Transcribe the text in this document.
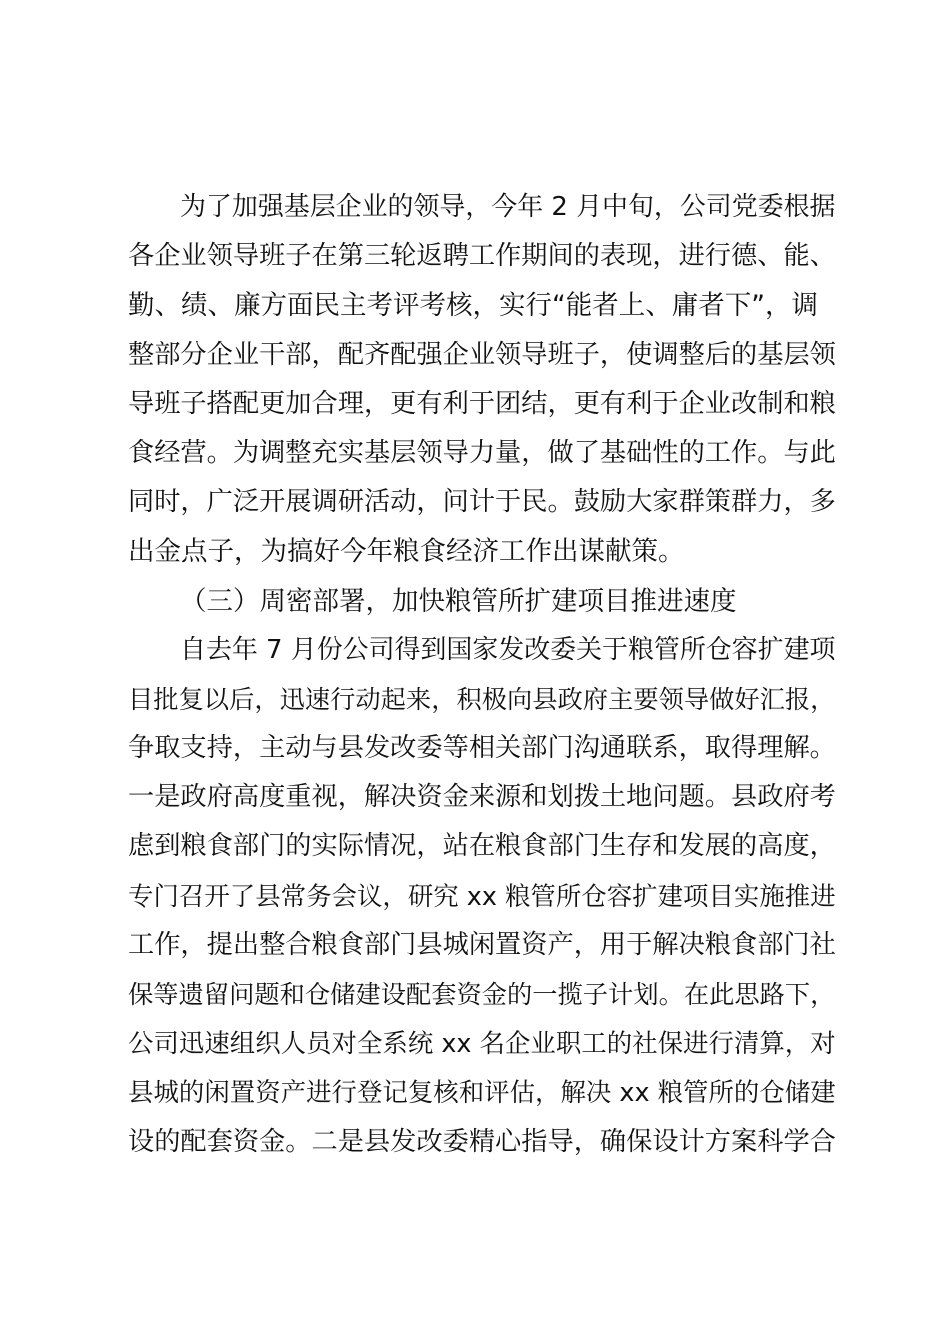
为了加强基层企业的领导，今年 2 月中旬，公司党委根据
各企业领导班子在第三轮返聘工作期间的表现，进行德、能、
勤、绩、廉方面民主考评考核，实行“能者上、庸者下”，调
整部分企业干部，配齐配强企业领导班子，使调整后的基层领
导班子搭配更加合理，更有利于团结，更有利于企业改制和粮
食经营。为调整充实基层领导力量，做了基础性的工作。与此
同时，广泛开展调研活动，问计于民。鼓励大家群策群力，多
出金点子，为搞好今年粮食经济工作出谋献策。
（三）周密部署，加快粮管所扩建项目推进速度
自去年 7 月份公司得到国家发改委关于粮管所仓容扩建项
目批复以后，迅速行动起来，积极向县政府主要领导做好汇报，
争取支持，主动与县发改委等相关部门沟通联系，取得理解。
一是政府高度重视，解决资金来源和划拨土地问题。县政府考
虑到粮食部门的实际情况，站在粮食部门生存和发展的高度，
专门召开了县常务会议，研究 xx 粮管所仓容扩建项目实施推进
工作，提出整合粮食部门县城闲置资产，用于解决粮食部门社
保等遗留问题和仓储建设配套资金的一揽子计划。在此思路下，
公司迅速组织人员对全系统 xx 名企业职工的社保进行清算，对
县城的闲置资产进行登记复核和评估，解决 xx 粮管所的仓储建
设的配套资金。二是县发改委精心指导，确保设计方案科学合
